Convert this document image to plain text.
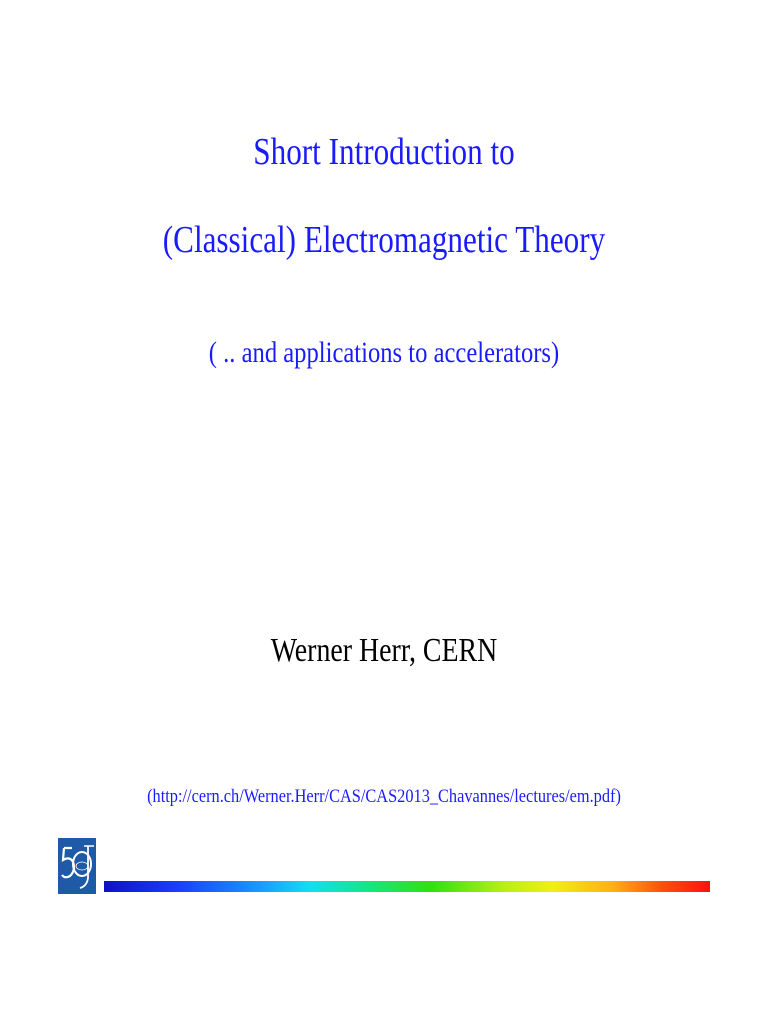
Short Introduction to
(Classical) Electromagnetic Theory
( .. and applications to accelerators)
Werner Herr, CERN
(http://cern.ch/Werner.Herr/CAS/CAS2013_Chavannes/lectures/em.pdf)
